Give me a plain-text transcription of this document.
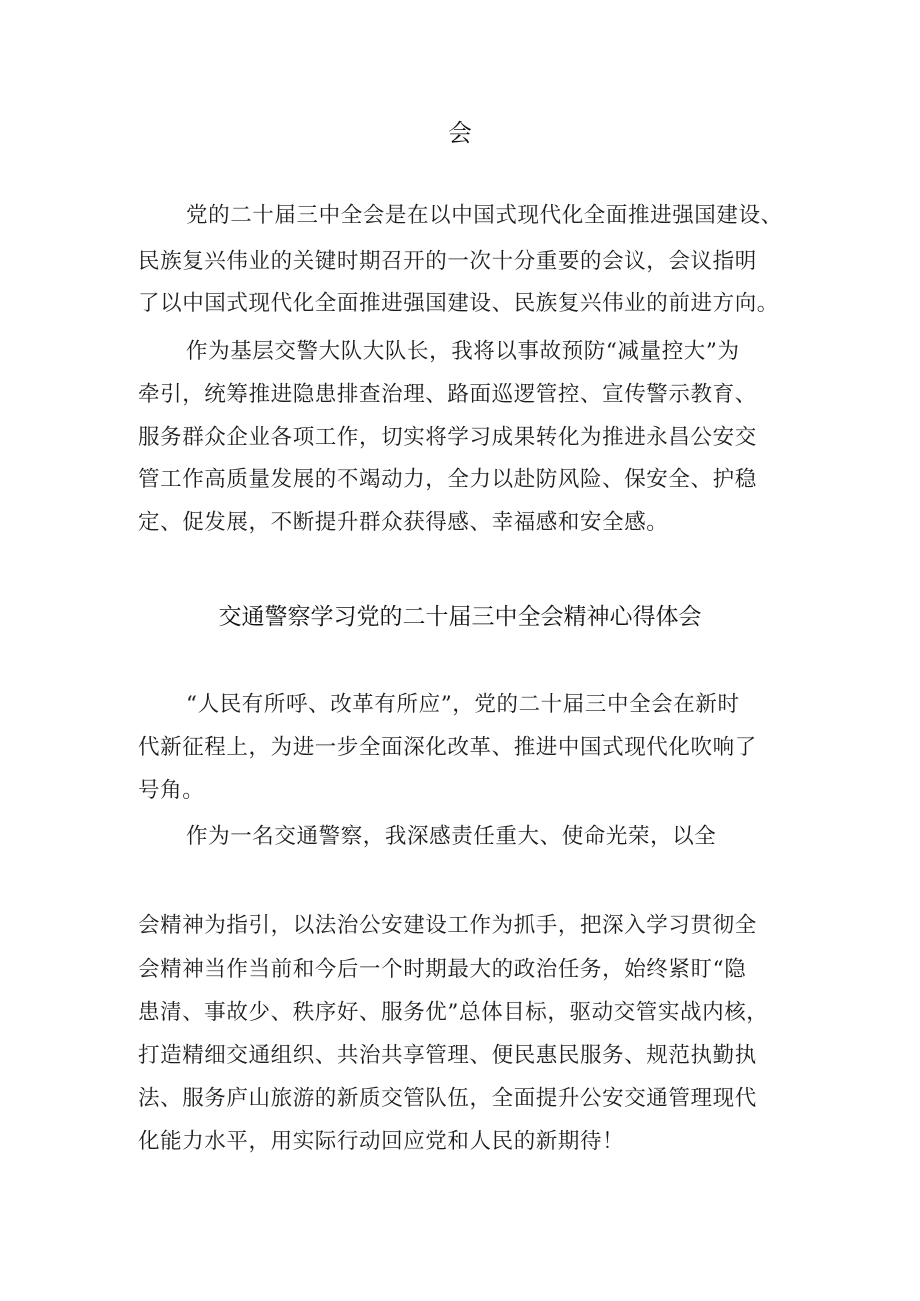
会
党的二十届三中全会是在以中国式现代化全面推进强国建设、
民族复兴伟业的关键时期召开的一次十分重要的会议，会议指明
了以中国式现代化全面推进强国建设、民族复兴伟业的前进方向。
作为基层交警大队大队长，我将以事故预防“减量控大”为
牵引，统筹推进隐患排查治理、路面巡逻管控、宣传警示教育、
服务群众企业各项工作，切实将学习成果转化为推进永昌公安交
管工作高质量发展的不竭动力，全力以赴防风险、保安全、护稳
定、促发展，不断提升群众获得感、幸福感和安全感。
交通警察学习党的二十届三中全会精神心得体会
“人民有所呼、改革有所应”，党的二十届三中全会在新时
代新征程上，为进一步全面深化改革、推进中国式现代化吹响了
号角。
作为一名交通警察，我深感责任重大、使命光荣，以全
会精神为指引，以法治公安建设工作为抓手，把深入学习贯彻全
会精神当作当前和今后一个时期最大的政治任务，始终紧盯“隐
患清、事故少、秩序好、服务优”总体目标，驱动交管实战内核，
打造精细交通组织、共治共享管理、便民惠民服务、规范执勤执
法、服务庐山旅游的新质交管队伍，全面提升公安交通管理现代
化能力水平，用实际行动回应党和人民的新期待！
